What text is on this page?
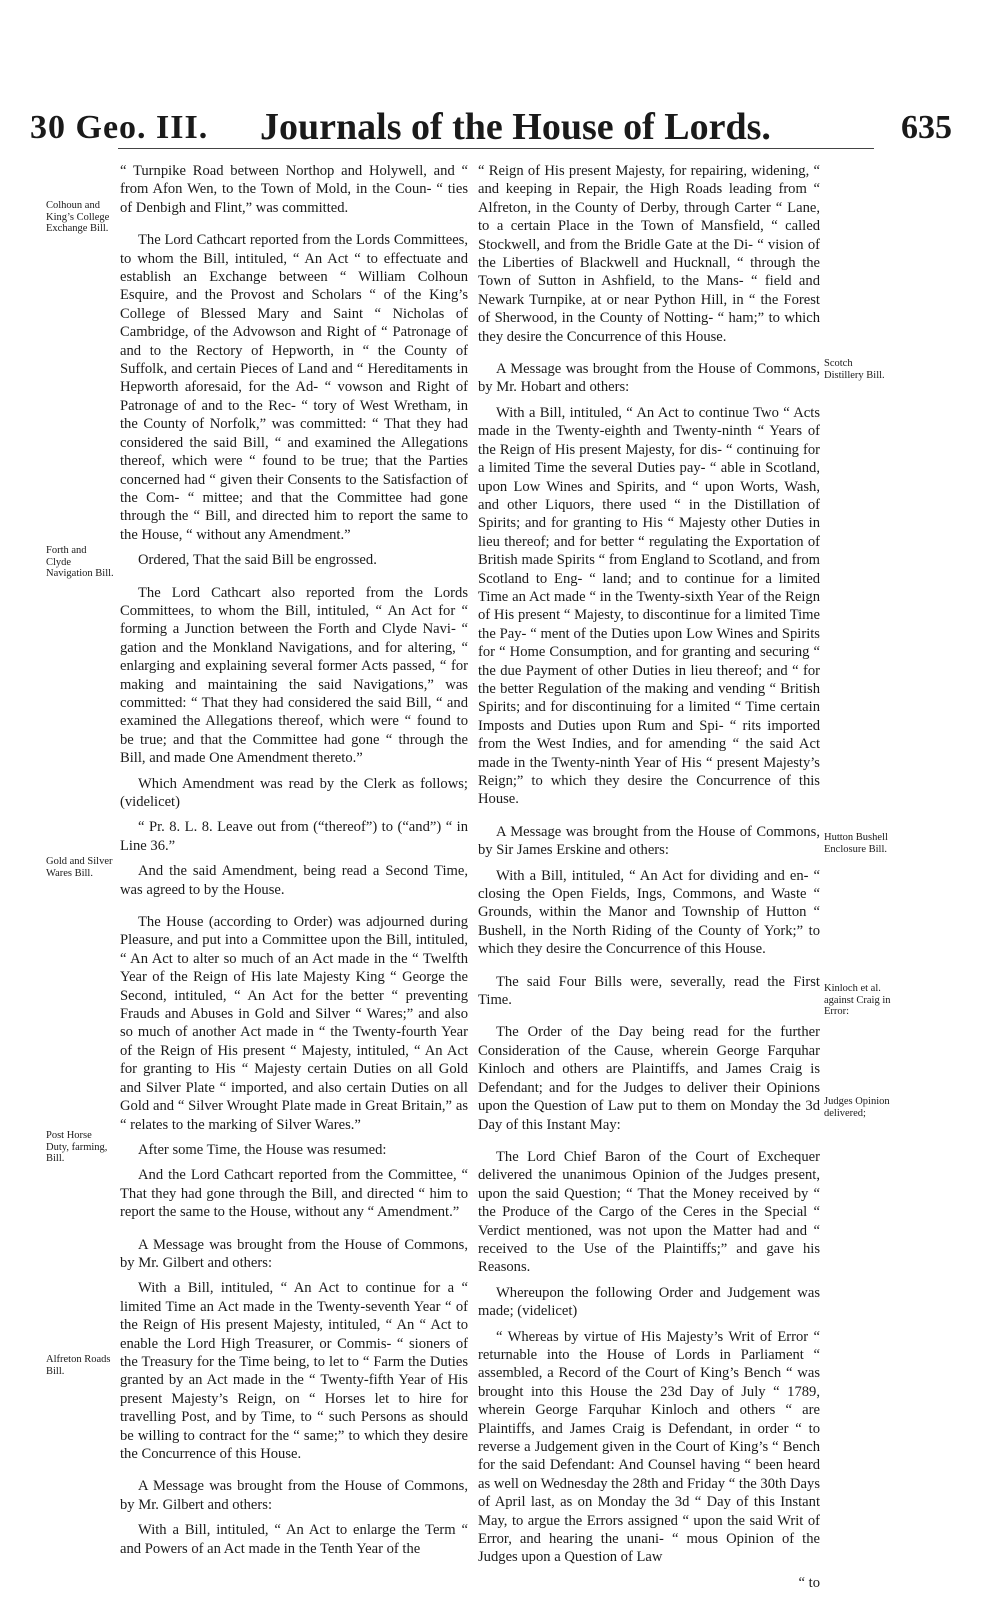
30 Geo. III. Journals of the House of Lords.	635
Colhoun and King’s College Exchange Bill.
Forth and Clyde Navigation Bill.
Gold and Silver Wares Bill.
Post Horse Duty, farming, Bill.
Alfreton Roads Bill.
Scotch Distillery Bill.
Hutton Bushell Enclosure Bill.
Kinloch et al. against Craig in Error:
Judges Opinion delivered;

“ Turnpike Road between Northop and Holywell, and “ from Afon Wen, to the Town of Mold, in the Coun- “ ties of Denbigh and Flint,” was committed.

The Lord Cathcart reported from the Lords Committees, to whom the Bill, intituled, “ An Act “ to effectuate and establish an Exchange between “ William Colhoun Esquire, and the Provost and Scholars “ of the King’s College of Blessed Mary and Saint “ Nicholas of Cambridge, of the Advowson and Right of “ Patronage of and to the Rectory of Hepworth, in “ the County of Suffolk, and certain Pieces of Land and “ Hereditaments in Hepworth aforesaid, for the Ad- “ vowson and Right of Patronage of and to the Rec- “ tory of West Wretham, in the County of Norfolk,” was committed: “ That they had considered the said Bill, “ and examined the Allegations thereof, which were “ found to be true; that the Parties concerned had “ given their Consents to the Satisfaction of the Com- “ mittee; and that the Committee had gone through the “ Bill, and directed him to report the same to the House, “ without any Amendment.”

Ordered, That the said Bill be engrossed.

The Lord Cathcart also reported from the Lords Committees, to whom the Bill, intituled, “ An Act for “ forming a Junction between the Forth and Clyde Navi- “ gation and the Monkland Navigations, and for altering, “ enlarging and explaining several former Acts passed, “ for making and maintaining the said Navigations,” was committed: “ That they had considered the said Bill, “ and examined the Allegations thereof, which were “ found to be true; and that the Committee had gone “ through the Bill, and made One Amendment thereto.”

Which Amendment was read by the Clerk as follows; (videlicet)

“ Pr. 8. L. 8. Leave out from (“thereof”) to (“and”) “ in Line 36.”

And the said Amendment, being read a Second Time, was agreed to by the House.

The House (according to Order) was adjourned during Pleasure, and put into a Committee upon the Bill, intituled, “ An Act to alter so much of an Act made in the “ Twelfth Year of the Reign of His late Majesty King “ George the Second, intituled, “ An Act for the better “ preventing Frauds and Abuses in Gold and Silver “ Wares;” and also so much of another Act made in “ the Twenty-fourth Year of the Reign of His present “ Majesty, intituled, “ An Act for granting to His “ Majesty certain Duties on all Gold and Silver Plate “ imported, and also certain Duties on all Gold and “ Silver Wrought Plate made in Great Britain,” as “ relates to the marking of Silver Wares.”

After some Time, the House was resumed:

And the Lord Cathcart reported from the Committee, “ That they had gone through the Bill, and directed “ him to report the same to the House, without any “ Amendment.”

A Message was brought from the House of Commons, by Mr. Gilbert and others:

With a Bill, intituled, “ An Act to continue for a “ limited Time an Act made in the Twenty-seventh Year “ of the Reign of His present Majesty, intituled, “ An “ Act to enable the Lord High Treasurer, or Commis- “ sioners of the Treasury for the Time being, to let to “ Farm the Duties granted by an Act made in the “ Twenty-fifth Year of His present Majesty’s Reign, on “ Horses let to hire for travelling Post, and by Time, to “ such Persons as should be willing to contract for the “ same;” to which they desire the Concurrence of this House.

A Message was brought from the House of Commons, by Mr. Gilbert and others:

With a Bill, intituled, “ An Act to enlarge the Term “ and Powers of an Act made in the Tenth Year of the

“ Reign of His present Majesty, for repairing, widening, “ and keeping in Repair, the High Roads leading from “ Alfreton, in the County of Derby, through Carter “ Lane, to a certain Place in the Town of Mansfield, “ called Stockwell, and from the Bridle Gate at the Di- “ vision of the Liberties of Blackwell and Hucknall, “ through the Town of Sutton in Ashfield, to the Mans- “ field and Newark Turnpike, at or near Python Hill, in “ the Forest of Sherwood, in the County of Notting- “ ham;” to which they desire the Concurrence of this House.

A Message was brought from the House of Commons, by Mr. Hobart and others:

With a Bill, intituled, “ An Act to continue Two “ Acts made in the Twenty-eighth and Twenty-ninth “ Years of the Reign of His present Majesty, for dis- “ continuing for a limited Time the several Duties pay- “ able in Scotland, upon Low Wines and Spirits, and “ upon Worts, Wash, and other Liquors, there used “ in the Distillation of Spirits; and for granting to His “ Majesty other Duties in lieu thereof; and for better “ regulating the Exportation of British made Spirits “ from England to Scotland, and from Scotland to Eng- “ land; and to continue for a limited Time an Act made “ in the Twenty-sixth Year of the Reign of His present “ Majesty, to discontinue for a limited Time the Pay- “ ment of the Duties upon Low Wines and Spirits for “ Home Consumption, and for granting and securing “ the due Payment of other Duties in lieu thereof; and “ for the better Regulation of the making and vending “ British Spirits; and for discontinuing for a limited “ Time certain Imposts and Duties upon Rum and Spi- “ rits imported from the West Indies, and for amending “ the said Act made in the Twenty-ninth Year of His “ present Majesty’s Reign;” to which they desire the Concurrence of this House.

A Message was brought from the House of Commons, by Sir James Erskine and others:

With a Bill, intituled, “ An Act for dividing and en- “ closing the Open Fields, Ings, Commons, and Waste “ Grounds, within the Manor and Township of Hutton “ Bushell, in the North Riding of the County of York;” to which they desire the Concurrence of this House.

The said Four Bills were, severally, read the First Time.

The Order of the Day being read for the further Consideration of the Cause, wherein George Farquhar Kinloch and others are Plaintiffs, and James Craig is Defendant; and for the Judges to deliver their Opinions upon the Question of Law put to them on Monday the 3d Day of this Instant May:

The Lord Chief Baron of the Court of Exchequer delivered the unanimous Opinion of the Judges present, upon the said Question; “ That the Money received by “ the Produce of the Cargo of the Ceres in the Special “ Verdict mentioned, was not upon the Matter had and “ received to the Use of the Plaintiffs;” and gave his Reasons.

Whereupon the following Order and Judgement was made; (videlicet)

“ Whereas by virtue of His Majesty’s Writ of Error “ returnable into the House of Lords in Parliament “ assembled, a Record of the Court of King’s Bench “ was brought into this House the 23d Day of July “ 1789, wherein George Farquhar Kinloch and others “ are Plaintiffs, and James Craig is Defendant, in order “ to reverse a Judgement given in the Court of King’s “ Bench for the said Defendant: And Counsel having “ been heard as well on Wednesday the 28th and Friday “ the 30th Days of April last, as on Monday the 3d “ Day of this Instant May, to argue the Errors assigned “ upon the said Writ of Error, and hearing the unani- “ mous Opinion of the Judges upon a Question of Law

“ to
